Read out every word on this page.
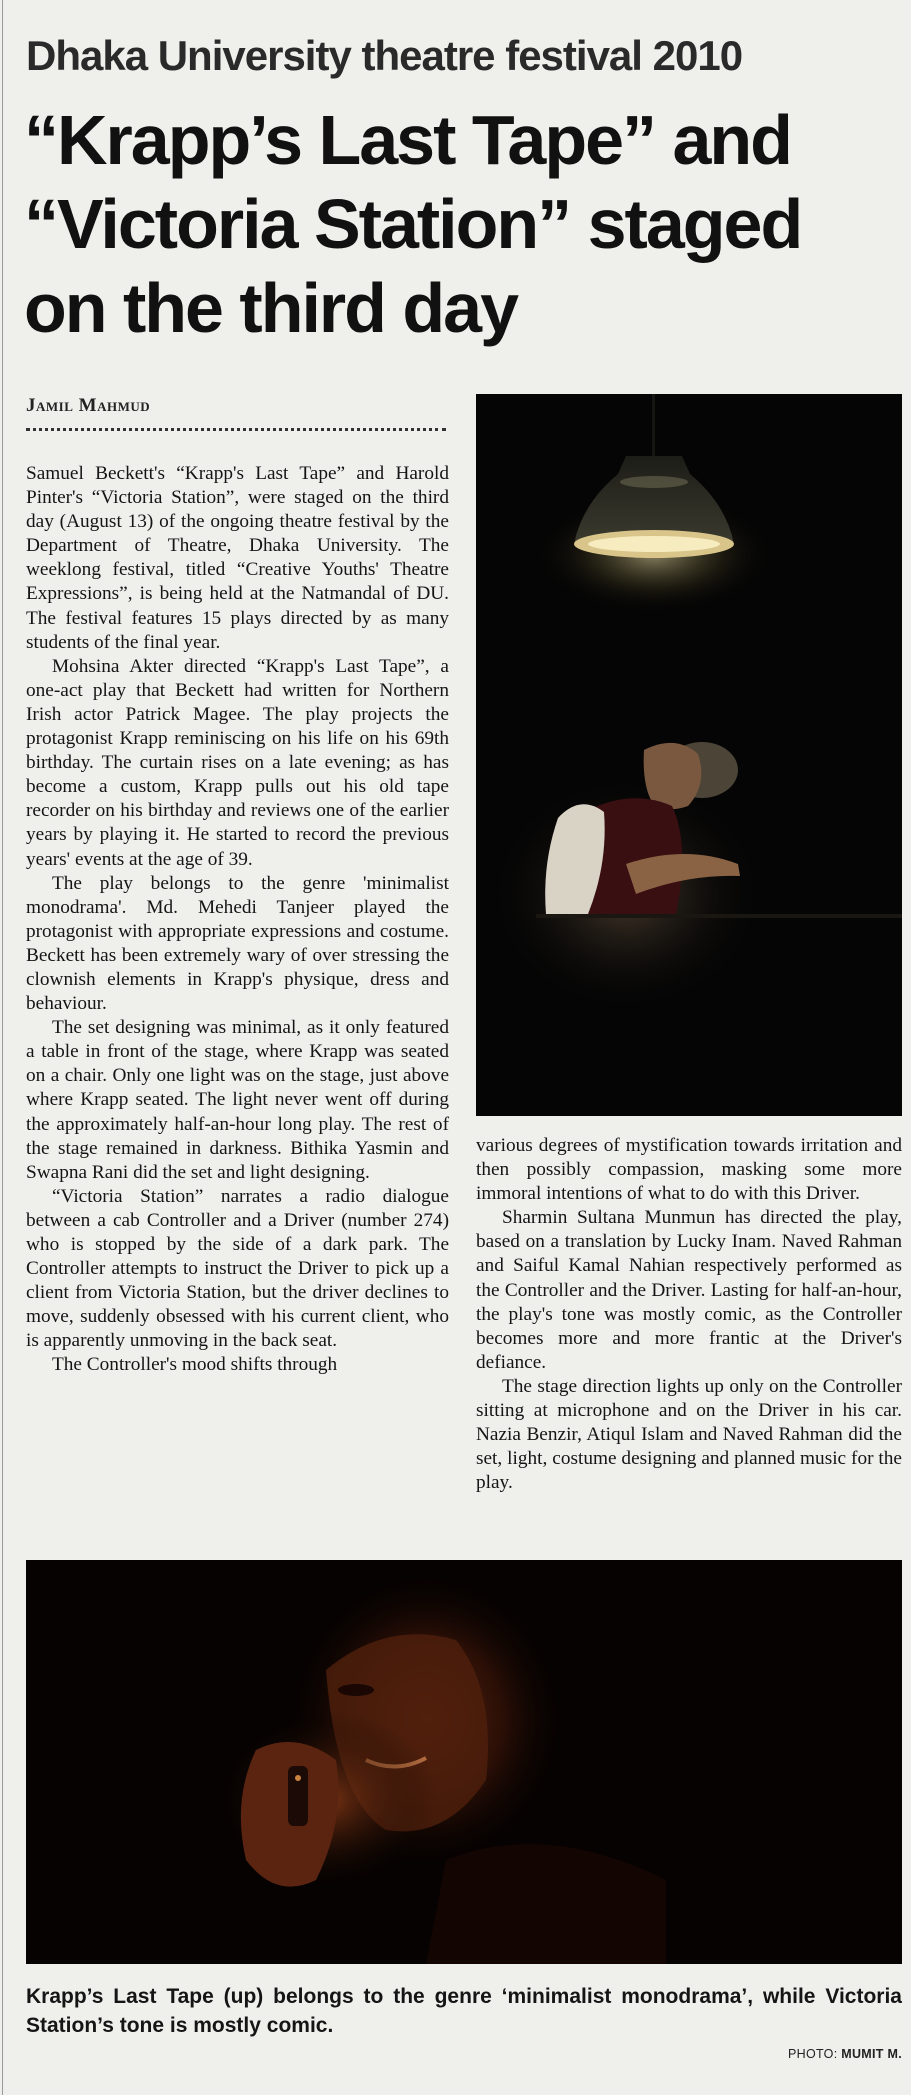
Dhaka University theatre festival 2010
“Krapp’s Last Tape” and
“Victoria Station” staged
on the third day
Jamil Mahmud

Samuel Beckett's “Krapp's Last Tape” and Harold Pinter's “Victoria Station”, were staged on the third day (August 13) of the ongoing theatre festival by the Department of Theatre, Dhaka University. The weeklong festival, titled “Creative Youths' Theatre Expressions”, is being held at the Natmandal of DU. The festival features 15 plays directed by as many students of the final year.

Mohsina Akter directed “Krapp's Last Tape”, a one-act play that Beckett had written for Northern Irish actor Patrick Magee. The play projects the protagonist Krapp reminiscing on his life on his 69th birthday. The curtain rises on a late evening; as has become a custom, Krapp pulls out his old tape recorder on his birthday and reviews one of the earlier years by playing it. He started to record the previous years' events at the age of 39.

The play belongs to the genre 'minimalist monodrama'. Md. Mehedi Tanjeer played the protagonist with appropriate expressions and costume. Beckett has been extremely wary of over stressing the clownish elements in Krapp's physique, dress and behaviour.

The set designing was minimal, as it only featured a table in front of the stage, where Krapp was seated on a chair. Only one light was on the stage, just above where Krapp seated. The light never went off during the approximately half-an-hour long play. The rest of the stage remained in darkness. Bithika Yasmin and Swapna Rani did the set and light designing.

“Victoria Station” narrates a radio dialogue between a cab Controller and a Driver (number 274) who is stopped by the side of a dark park. The Controller attempts to instruct the Driver to pick up a client from Victoria Station, but the driver declines to move, suddenly obsessed with his current client, who is apparently unmoving in the back seat.

The Controller's mood shifts through

various degrees of mystification towards irritation and then possibly compassion, masking some more immoral intentions of what to do with this Driver.

Sharmin Sultana Munmun has directed the play, based on a translation by Lucky Inam. Naved Rahman and Saiful Kamal Nahian respectively performed as the Controller and the Driver. Lasting for half-an-hour, the play's tone was mostly comic, as the Controller becomes more and more frantic at the Driver's defiance.

The stage direction lights up only on the Controller sitting at microphone and on the Driver in his car. Nazia Benzir, Atiqul Islam and Naved Rahman did the set, light, costume designing and planned music for the play.

Krapp’s Last Tape (up) belongs to the genre ‘minimalist monodrama’, while Victoria Station’s tone is mostly comic.
PHOTO: MUMIT M.
